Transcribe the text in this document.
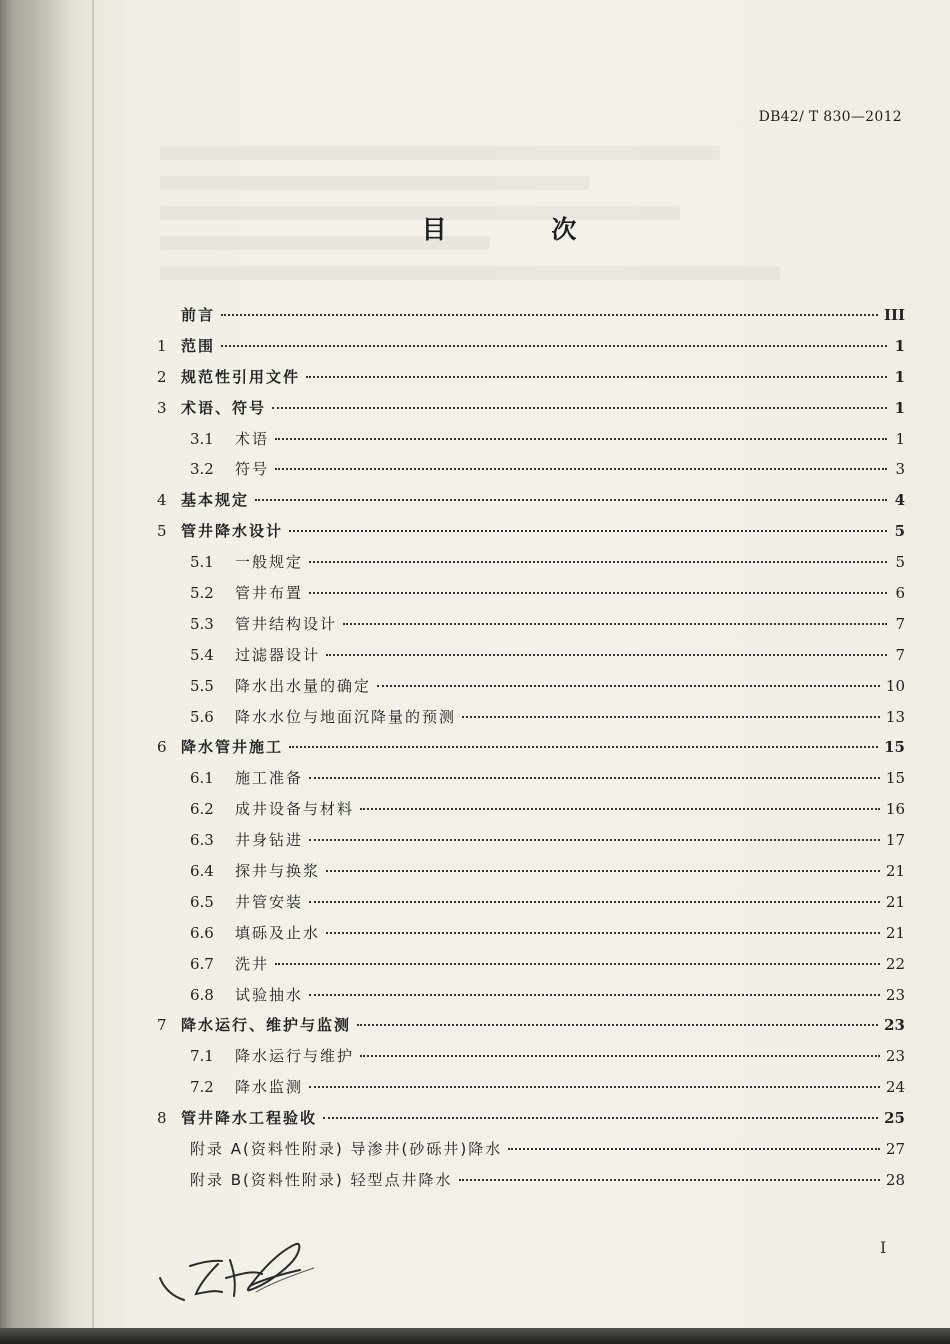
DB42/ T 830—2012
目 次
前言	III
1 范围	1
2 规范性引用文件	1
3 术语、符号	1
3.1	术语	1
3.2	符号	3
4 基本规定	4
5 管井降水设计	5
5.1	一般规定	5
5.2	管井布置	6
5.3	管井结构设计	7
5.4	过滤器设计	7
5.5	降水出水量的确定	10
5.6	降水水位与地面沉降量的预测	13
6 降水管井施工	15
6.1	施工准备	15
6.2	成井设备与材料	16
6.3	井身钻进	17
6.4	探井与换浆	21
6.5	井管安装	21
6.6	填砾及止水	21
6.7	洗井	22
6.8	试验抽水	23
7 降水运行、维护与监测	23
7.1	降水运行与维护	23
7.2	降水监测	24
8 管井降水工程验收	25
附录 A(资料性附录) 导渗井(砂砾井)降水	27
附录 B(资料性附录) 轻型点井降水	28
I
